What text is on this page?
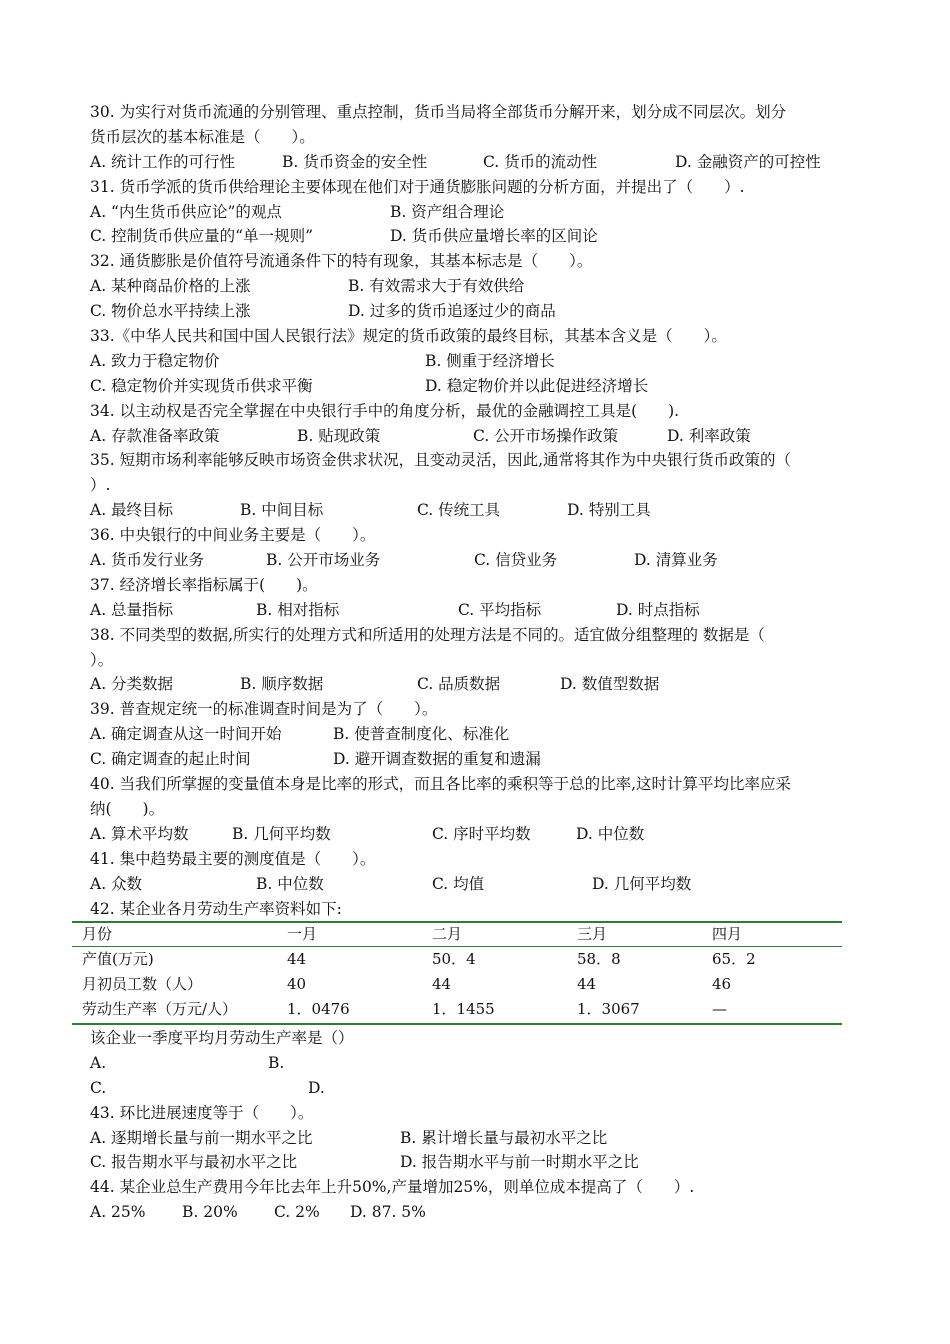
30. 为实行对货币流通的分别管理、重点控制，货币当局将全部货币分解开来，划分成不同层次。划分
货币层次的基本标准是（　　）。
A. 统计工作的可行性	B. 货币资金的安全性	C. 货币的流动性	D. 金融资产的可控性
31. 货币学派的货币供给理论主要体现在他们对于通货膨胀问题的分析方面，并提出了（　　）.
A. “内生货币供应论”的观点	B. 资产组合理论
C. 控制货币供应量的“单一规则”	D. 货币供应量增长率的区间论
32. 通货膨胀是价值符号流通条件下的特有现象，其基本标志是（　　）。
A. 某种商品价格的上涨	B. 有效需求大于有效供给
C. 物价总水平持续上涨	D. 过多的货币追逐过少的商品
33.《中华人民共和国中国人民银行法》规定的货币政策的最终目标，其基本含义是（　　）。
A. 致力于稳定物价	B. 侧重于经济增长
C. 稳定物价并实现货币供求平衡	D. 稳定物价并以此促进经济增长
34. 以主动权是否完全掌握在中央银行手中的角度分析，最优的金融调控工具是(　　).
A. 存款准备率政策	B. 贴现政策	C. 公开市场操作政策	D. 利率政策
35. 短期市场利率能够反映市场资金供求状况，且变动灵活，因此,通常将其作为中央银行货币政策的（
）.
A. 最终目标	B. 中间目标	C. 传统工具	D. 特别工具
36. 中央银行的中间业务主要是（　　）。
A. 货币发行业务	B. 公开市场业务	C. 信贷业务	D. 清算业务
37. 经济增长率指标属于(　　)。
A. 总量指标	B. 相对指标	C. 平均指标	D. 时点指标
38. 不同类型的数据,所实行的处理方式和所适用的处理方法是不同的。适宜做分组整理的 数据是（
）。
A. 分类数据	B. 顺序数据	C. 品质数据	D. 数值型数据
39. 普查规定统一的标准调查时间是为了（　　）。
A. 确定调查从这一时间开始	B. 使普查制度化、标准化
C. 确定调查的起止时间	D. 避开调查数据的重复和遗漏
40. 当我们所掌握的变量值本身是比率的形式，而且各比率的乘积等于总的比率,这时计算平均比率应采
纳(　　)。
A. 算术平均数	B. 几何平均数	C. 序时平均数	D. 中位数
41. 集中趋势最主要的测度值是（　　）。
A. 众数	B. 中位数	C. 均值	D. 几何平均数
42. 某企业各月劳动生产率资料如下:
月份	一月	二月	三月	四月
产值(万元)	44	50．4	58．8	65．2
月初员工数（人）	40	44	44	46
劳动生产率（万元/人）	1．0476	1．1455	1．3067	—
该企业一季度平均月劳动生产率是（）
A.	B.
C.	D.
43. 环比进展速度等于（　　）。
A. 逐期增长量与前一期水平之比	B. 累计增长量与最初水平之比
C. 报告期水平与最初水平之比	D. 报告期水平与前一时期水平之比
44. 某企业总生产费用今年比去年上升50%,产量增加25%，则单位成本提高了（　　）.
A. 25% B. 20% C. 2% D. 87. 5%
